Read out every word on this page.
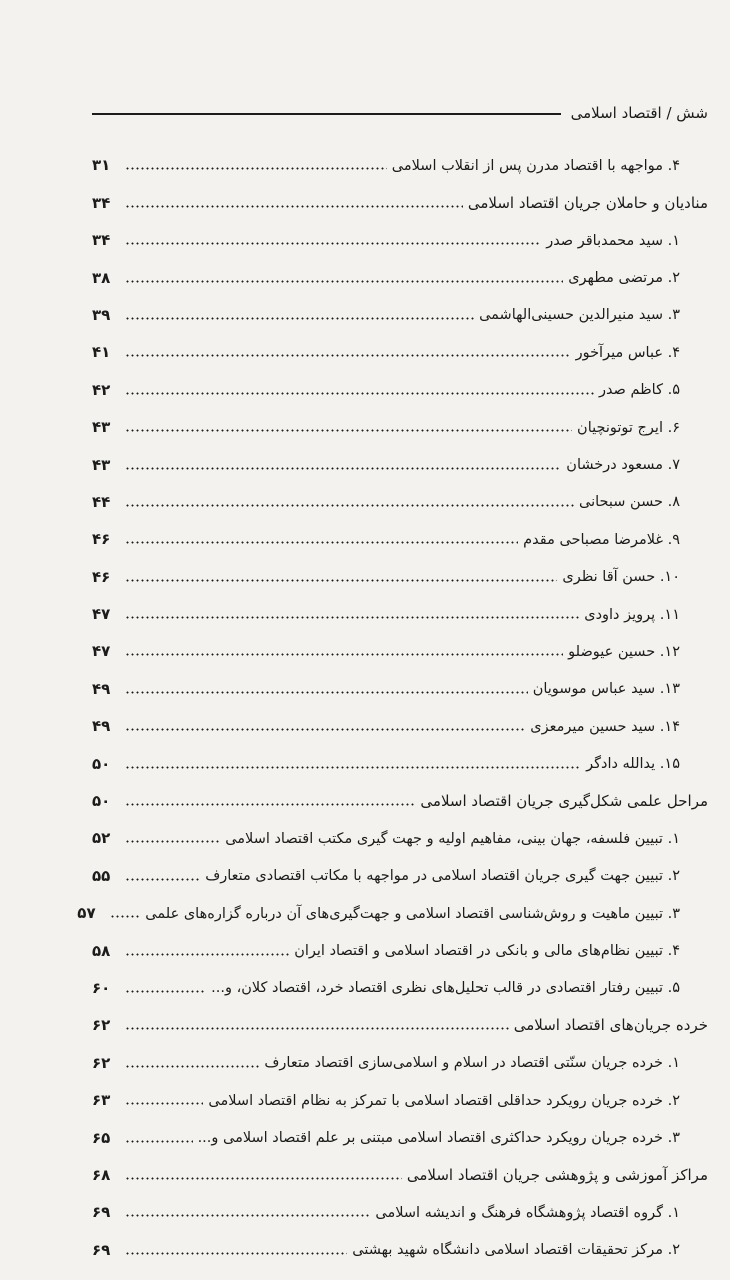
شش / اقتصاد اسلامی
۴. مواجهه با اقتصاد مدرن پس از انقلاب اسلامی
۳۱
منادیان و حاملان جریان اقتصاد اسلامی
۳۴
۱. سید محمدباقر صدر
۳۴
۲. مرتضی مطهری
۳۸
۳. سید منیرالدین حسینی‌الهاشمی
۳۹
۴. عباس میرآخور
۴۱
۵. کاظم صدر
۴۲
۶. ایرج توتونچیان
۴۳
۷. مسعود درخشان
۴۳
۸. حسن سبحانی
۴۴
۹. غلامرضا مصباحی مقدم
۴۶
۱۰. حسن آقا نظری
۴۶
۱۱. پرویز داودی
۴۷
۱۲. حسین عیوضلو
۴۷
۱۳. سید عباس موسویان
۴۹
۱۴. سید حسین میرمعزی
۴۹
۱۵. یدالله دادگر
۵۰
مراحل علمی شکل‌گیری جریان اقتصاد اسلامی
۵۰
۱. تبیین فلسفه، جهان بینی، مفاهیم اولیه و جهت گیری مکتب اقتصاد اسلامی
۵۲
۲. تبیین جهت گیری جریان اقتصاد اسلامی در مواجهه با مکاتب اقتصادی متعارف
۵۵
۳. تبیین ماهیت و روش‌شناسی اقتصاد اسلامی و جهت‌گیری‌های آن درباره گزاره‌های علمی
۵۷
۴. تبیین نظام‌های مالی و بانکی در اقتصاد اسلامی و اقتصاد ایران
۵۸
۵. تبیین رفتار اقتصادی در قالب تحلیل‌های نظری اقتصاد خرد، اقتصاد کلان، و...
۶۰
خرده جریان‌های اقتصاد اسلامی
۶۲
۱. خرده جریان سنّتی اقتصاد در اسلام و اسلامی‌سازی اقتصاد متعارف
۶۲
۲. خرده جریان رویکرد حداقلی اقتصاد اسلامی با تمرکز به نظام اقتصاد اسلامی
۶۳
۳. خرده جریان رویکرد حداکثری اقتصاد اسلامی مبتنی بر علم اقتصاد اسلامی و...
۶۵
مراکز آموزشی و پژوهشی جریان اقتصاد اسلامی
۶۸
۱. گروه اقتصاد پژوهشگاه فرهنگ و اندیشه اسلامی
۶۹
۲. مرکز تحقیقات اقتصاد اسلامی دانشگاه شهید بهشتی
۶۹
